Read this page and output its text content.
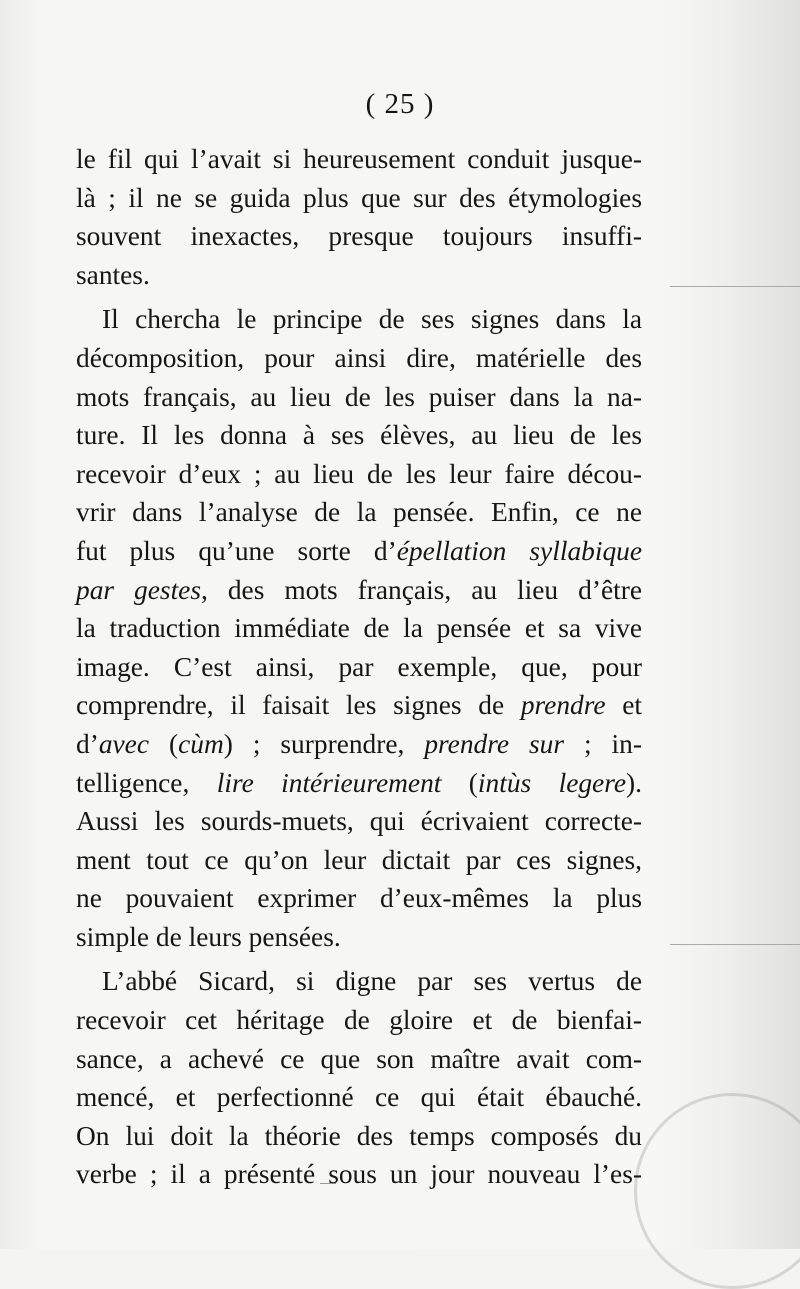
( 25 )
le fil qui l’avait si heureusement conduit jusque-
là ; il ne se guida plus que sur des étymologies
souvent inexactes, presque toujours insuffi-
santes.
Il chercha le principe de ses signes dans la
décomposition, pour ainsi dire, matérielle des
mots français, au lieu de les puiser dans la na-
ture. Il les donna à ses élèves, au lieu de les
recevoir d’eux ; au lieu de les leur faire décou-
vrir dans l’analyse de la pensée. Enfin, ce ne
fut plus qu’une sorte d’épellation syllabique
par gestes, des mots français, au lieu d’être
la traduction immédiate de la pensée et sa vive
image. C’est ainsi, par exemple, que, pour
comprendre, il faisait les signes de prendre et
d’avec (cùm) ; surprendre, prendre sur ; in-
telligence, lire intérieurement (intùs legere).
Aussi les sourds-muets, qui écrivaient correcte-
ment tout ce qu’on leur dictait par ces signes,
ne pouvaient exprimer d’eux-mêmes la plus
simple de leurs pensées.
L’abbé Sicard, si digne par ses vertus de
recevoir cet héritage de gloire et de bienfai-
sance, a achevé ce que son maître avait com-
mencé, et perfectionné ce qui était ébauché.
On lui doit la théorie des temps composés du
verbe ; il a présenté sous un jour nouveau l’es-
